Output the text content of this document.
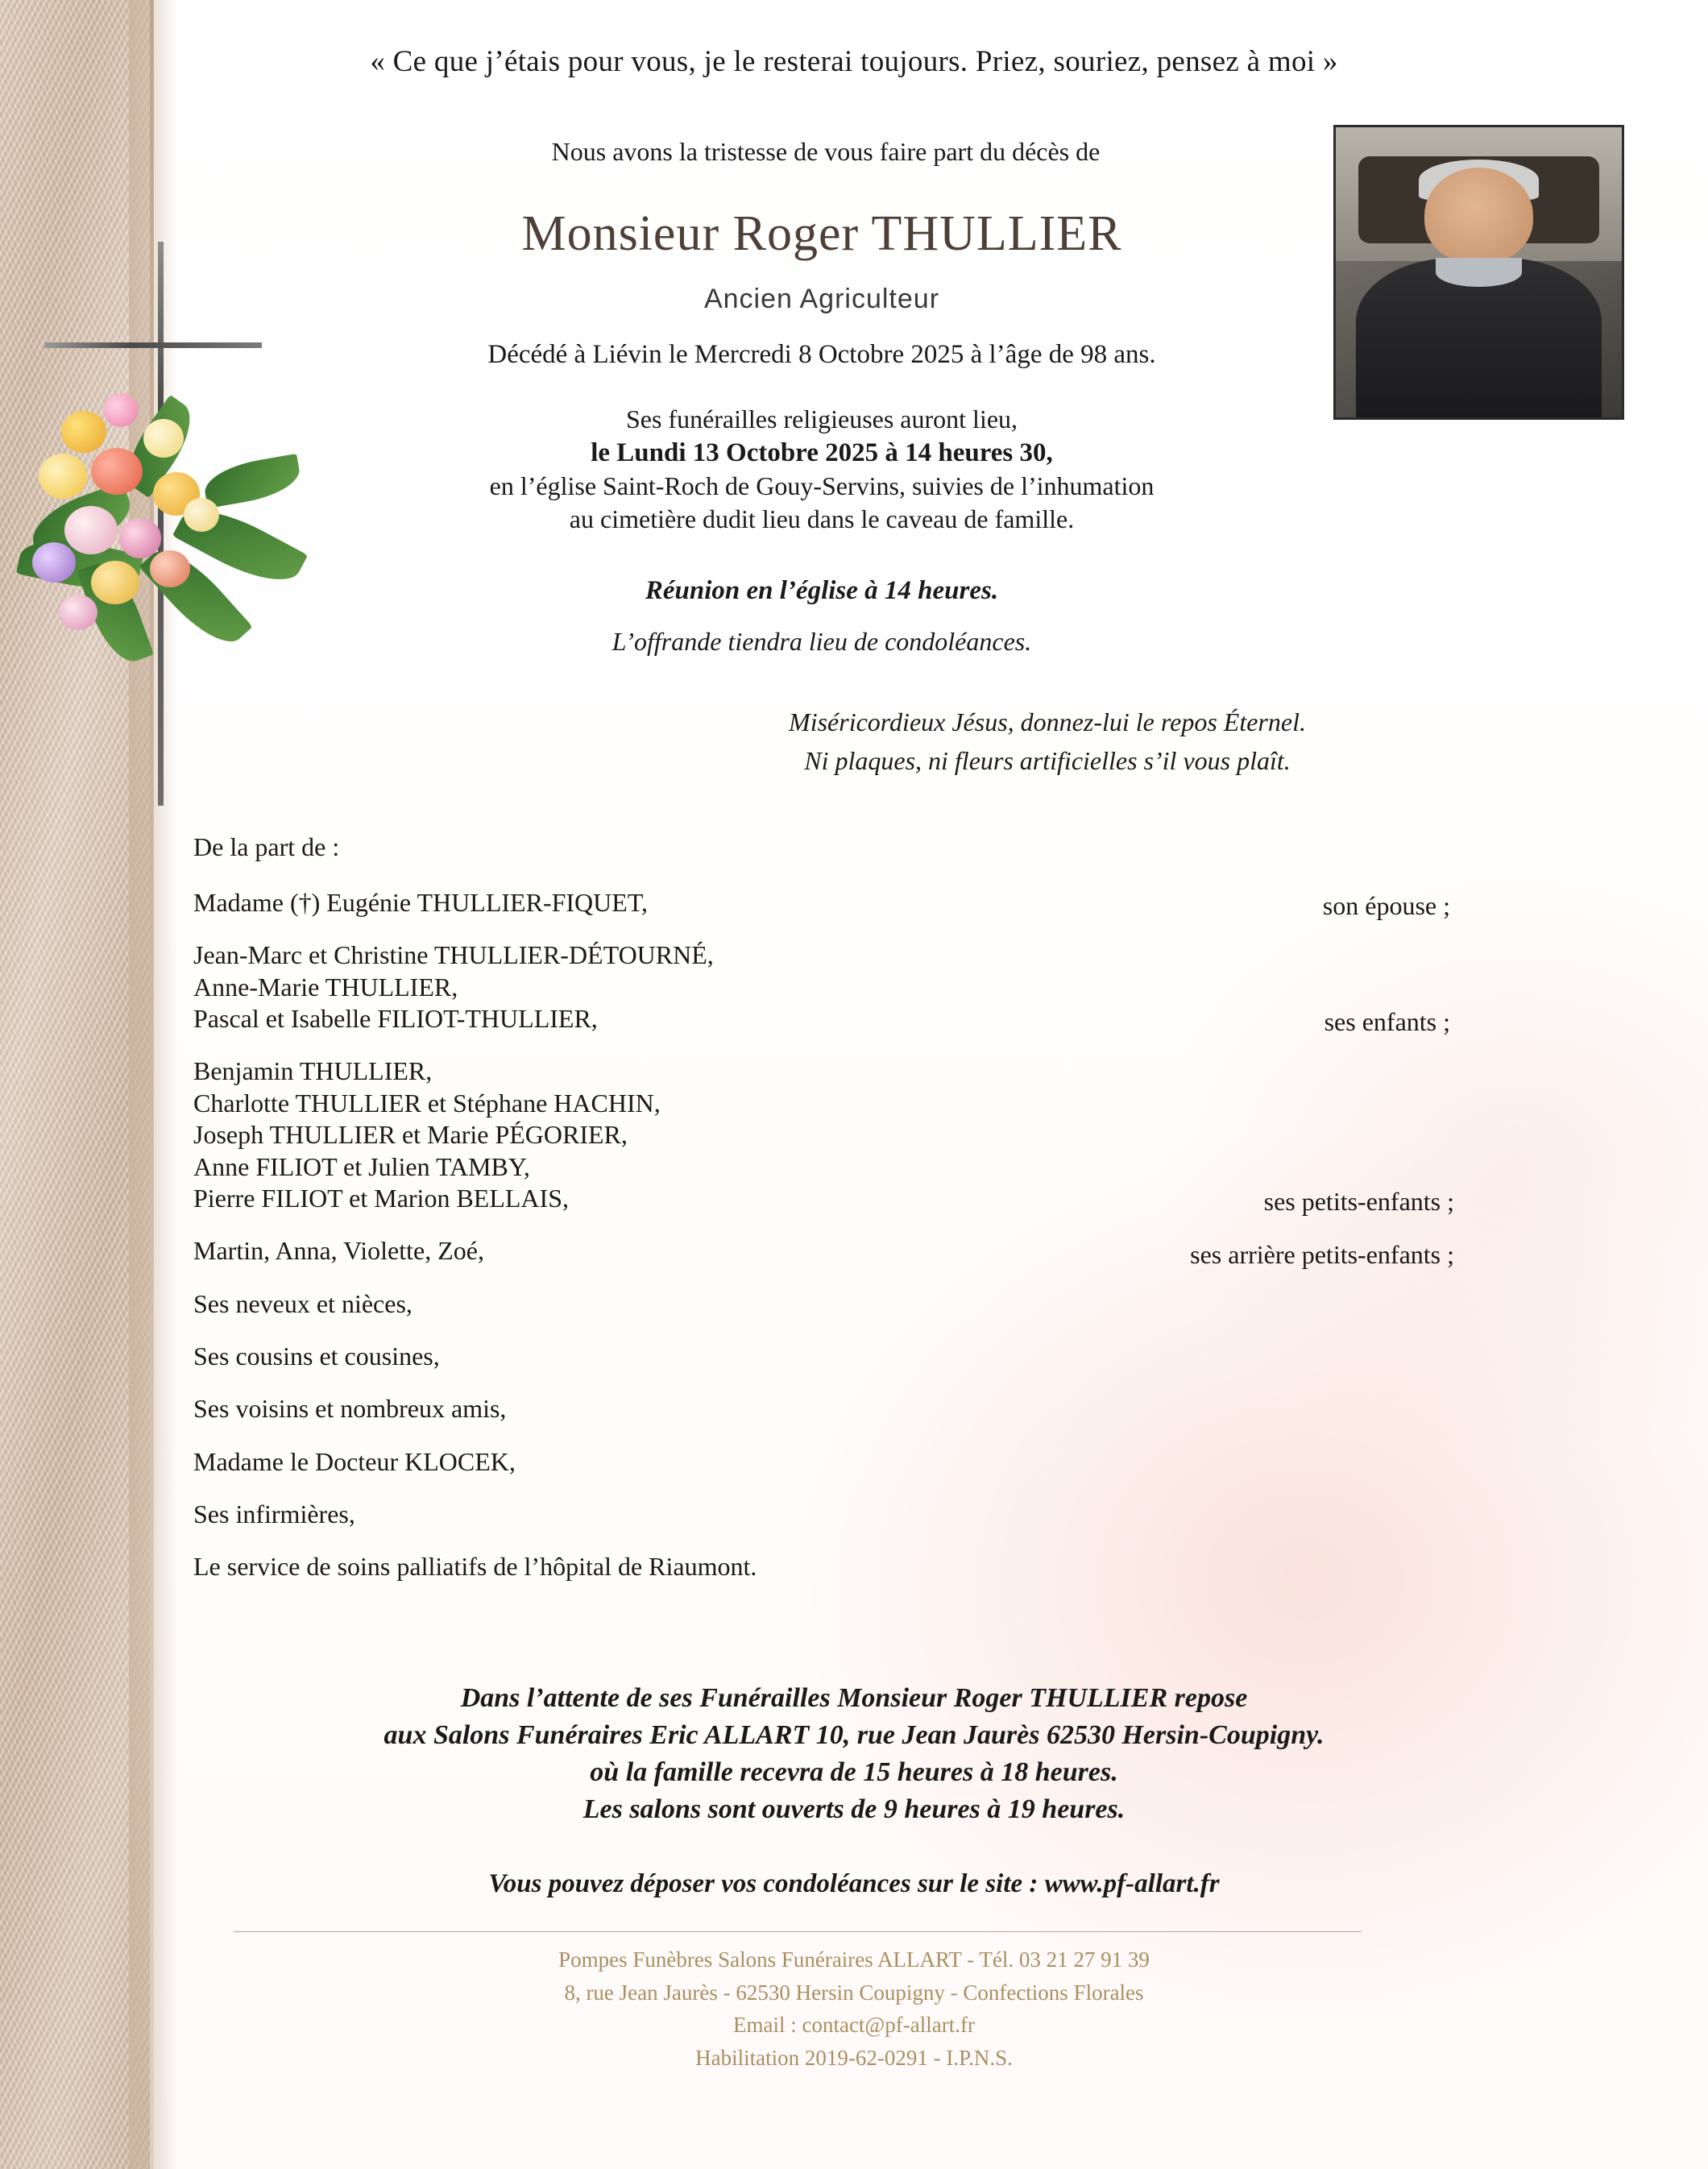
« Ce que j’étais pour vous, je le resterai toujours. Priez, souriez, pensez à moi »
Nous avons la tristesse de vous faire part du décès de
Monsieur Roger THULLIER
Ancien Agriculteur
Décédé à Liévin le Mercredi 8 Octobre 2025 à l’âge de 98 ans.
Ses funérailles religieuses auront lieu,
le Lundi 13 Octobre 2025 à 14 heures 30,
en l’église Saint-Roch de Gouy-Servins, suivies de l’inhumation
au cimetière dudit lieu dans le caveau de famille.
Réunion en l’église à 14 heures.
L’offrande tiendra lieu de condoléances.
Miséricordieux Jésus, donnez-lui le repos Éternel.
Ni plaques, ni fleurs artificielles s’il vous plaît.
De la part de :
Madame (†) Eugénie THULLIER-FIQUET,	son épouse ;
Jean-Marc et Christine THULLIER-DÉTOURNÉ,
Anne-Marie THULLIER,
Pascal et Isabelle FILIOT-THULLIER,	ses enfants ;
Benjamin THULLIER,
Charlotte THULLIER et Stéphane HACHIN,
Joseph THULLIER et Marie PÉGORIER,
Anne FILIOT et Julien TAMBY,
Pierre FILIOT et Marion BELLAIS,	ses petits-enfants ;
Martin, Anna, Violette, Zoé,	ses arrière petits-enfants ;
Ses neveux et nièces,
Ses cousins et cousines,
Ses voisins et nombreux amis,
Madame le Docteur KLOCEK,
Ses infirmières,
Le service de soins palliatifs de l’hôpital de Riaumont.
Dans l’attente de ses Funérailles Monsieur Roger THULLIER repose
aux Salons Funéraires Eric ALLART 10, rue Jean Jaurès 62530 Hersin-Coupigny.
où la famille recevra de 15 heures à 18 heures.
Les salons sont ouverts de 9 heures à 19 heures.
Vous pouvez déposer vos condoléances sur le site : www.pf-allart.fr
Pompes Funèbres Salons Funéraires ALLART - Tél. 03 21 27 91 39
8, rue Jean Jaurès - 62530 Hersin Coupigny - Confections Florales
Email : contact@pf-allart.fr
Habilitation 2019-62-0291 - I.P.N.S.
